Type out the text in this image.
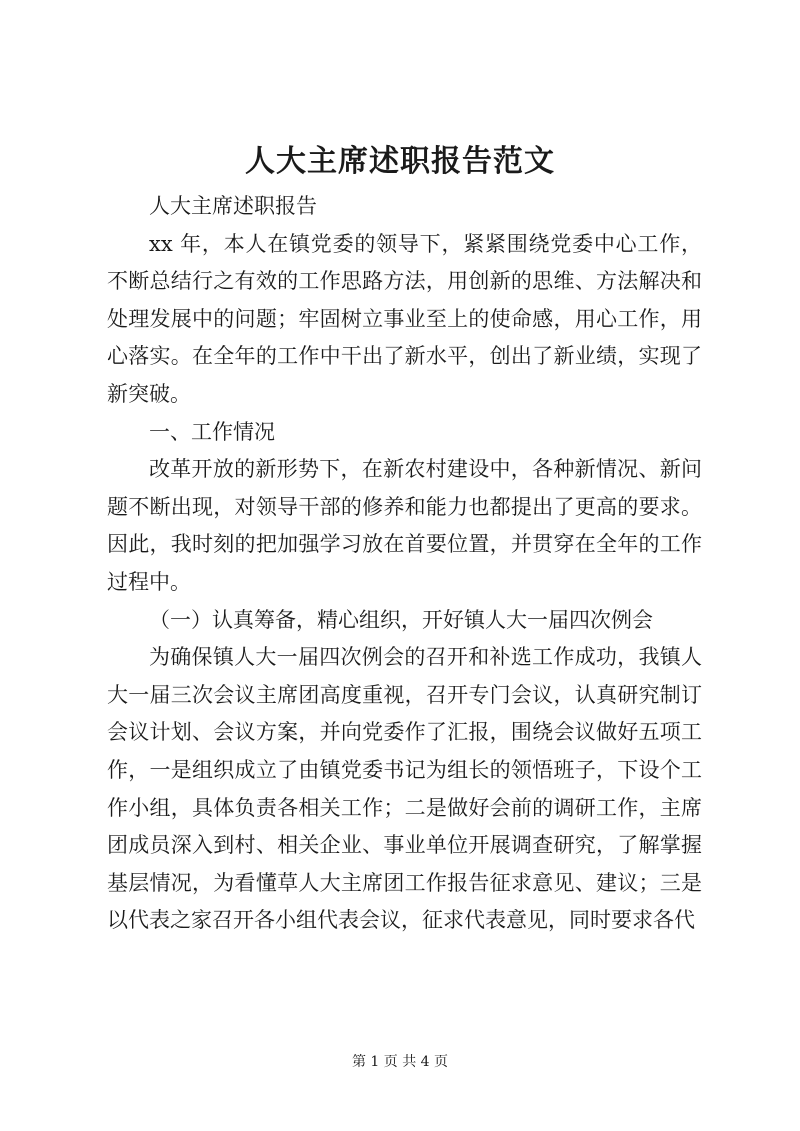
人大主席述职报告范文

人大主席述职报告

xx 年，本人在镇党委的领导下，紧紧围绕党委中心工作，不断总结行之有效的工作思路方法，用创新的思维、方法解决和处理发展中的问题；牢固树立事业至上的使命感，用心工作，用心落实。在全年的工作中干出了新水平，创出了新业绩，实现了新突破。

一、工作情况

改革开放的新形势下，在新农村建设中，各种新情况、新问题不断出现，对领导干部的修养和能力也都提出了更高的要求。因此，我时刻的把加强学习放在首要位置，并贯穿在全年的工作过程中。

（一）认真筹备，精心组织，开好镇人大一届四次例会

为确保镇人大一届四次例会的召开和补选工作成功，我镇人大一届三次会议主席团高度重视，召开专门会议，认真研究制订会议计划、会议方案，并向党委作了汇报，围绕会议做好五项工作，一是组织成立了由镇党委书记为组长的领悟班子，下设个工作小组，具体负责各相关工作；二是做好会前的调研工作，主席团成员深入到村、相关企业、事业单位开展调查研究，了解掌握基层情况，为看懂草人大主席团工作报告征求意见、建议；三是以代表之家召开各小组代表会议，征求代表意见，同时要求各代

第 1 页 共 4 页
